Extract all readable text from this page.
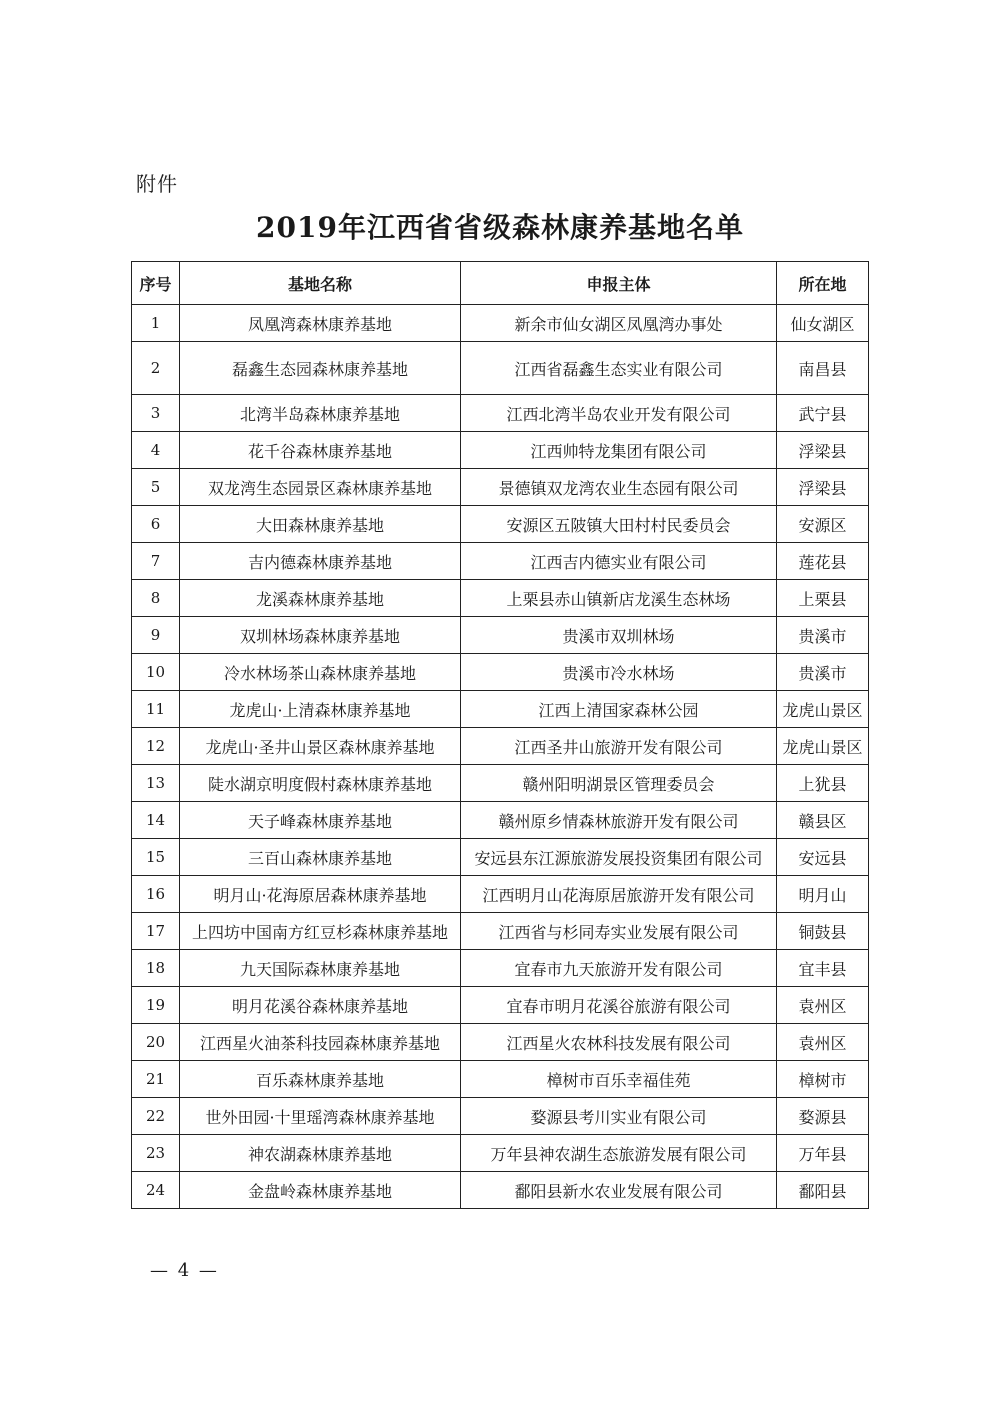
附件
2019年江西省省级森林康养基地名单
序号	基地名称	申报主体	所在地
1	凤凰湾森林康养基地	新余市仙女湖区凤凰湾办事处	仙女湖区
2	磊鑫生态园森林康养基地	江西省磊鑫生态实业有限公司	南昌县
3	北湾半岛森林康养基地	江西北湾半岛农业开发有限公司	武宁县
4	花千谷森林康养基地	江西帅特龙集团有限公司	浮梁县
5	双龙湾生态园景区森林康养基地	景德镇双龙湾农业生态园有限公司	浮梁县
6	大田森林康养基地	安源区五陂镇大田村村民委员会	安源区
7	吉内德森林康养基地	江西吉内德实业有限公司	莲花县
8	龙溪森林康养基地	上栗县赤山镇新店龙溪生态林场	上栗县
9	双圳林场森林康养基地	贵溪市双圳林场	贵溪市
10	冷水林场茶山森林康养基地	贵溪市冷水林场	贵溪市
11	龙虎山·上清森林康养基地	江西上清国家森林公园	龙虎山景区
12	龙虎山·圣井山景区森林康养基地	江西圣井山旅游开发有限公司	龙虎山景区
13	陡水湖京明度假村森林康养基地	赣州阳明湖景区管理委员会	上犹县
14	天子峰森林康养基地	赣州原乡情森林旅游开发有限公司	赣县区
15	三百山森林康养基地	安远县东江源旅游发展投资集团有限公司	安远县
16	明月山·花海原居森林康养基地	江西明月山花海原居旅游开发有限公司	明月山
17	上四坊中国南方红豆杉森林康养基地	江西省与杉同寿实业发展有限公司	铜鼓县
18	九天国际森林康养基地	宜春市九天旅游开发有限公司	宜丰县
19	明月花溪谷森林康养基地	宜春市明月花溪谷旅游有限公司	袁州区
20	江西星火油茶科技园森林康养基地	江西星火农林科技发展有限公司	袁州区
21	百乐森林康养基地	樟树市百乐幸福佳苑	樟树市
22	世外田园·十里瑶湾森林康养基地	婺源县考川实业有限公司	婺源县
23	神农湖森林康养基地	万年县神农湖生态旅游发展有限公司	万年县
24	金盘岭森林康养基地	鄱阳县新水农业发展有限公司	鄱阳县
— 4 —
